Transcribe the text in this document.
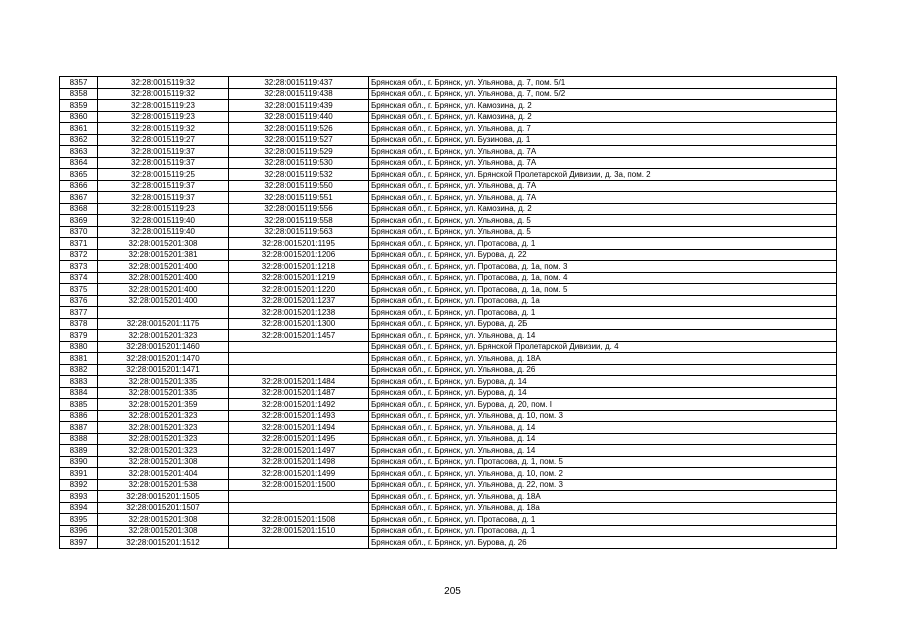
8357	32:28:0015119:32	32:28:0015119:437	Брянская обл., г. Брянск, ул. Ульянова, д. 7, пом. 5/1
8358	32:28:0015119:32	32:28:0015119:438	Брянская обл., г. Брянск, ул. Ульянова, д. 7, пом. 5/2
8359	32:28:0015119:23	32:28:0015119:439	Брянская обл., г. Брянск, ул. Камозина, д. 2
8360	32:28:0015119:23	32:28:0015119:440	Брянская обл., г. Брянск, ул. Камозина, д. 2
8361	32:28:0015119:32	32:28:0015119:526	Брянская обл., г. Брянск, ул. Ульянова, д. 7
8362	32:28:0015119:27	32:28:0015119:527	Брянская обл., г. Брянск, ул. Бузинова, д. 1
8363	32:28:0015119:37	32:28:0015119:529	Брянская обл., г. Брянск, ул. Ульянова, д. 7А
8364	32:28:0015119:37	32:28:0015119:530	Брянская обл., г. Брянск, ул. Ульянова, д. 7А
8365	32:28:0015119:25	32:28:0015119:532	Брянская обл., г. Брянск, ул. Брянской Пролетарской Дивизии, д. 3а, пом. 2
8366	32:28:0015119:37	32:28:0015119:550	Брянская обл., г. Брянск, ул. Ульянова, д. 7А
8367	32:28:0015119:37	32:28:0015119:551	Брянская обл., г. Брянск, ул. Ульянова, д. 7А
8368	32:28:0015119:23	32:28:0015119:556	Брянская обл., г. Брянск, ул. Камозина, д. 2
8369	32:28:0015119:40	32:28:0015119:558	Брянская обл., г. Брянск, ул. Ульянова, д. 5
8370	32:28:0015119:40	32:28:0015119:563	Брянская обл., г. Брянск, ул. Ульянова, д. 5
8371	32:28:0015201:308	32:28:0015201:1195	Брянская обл., г. Брянск, ул. Протасова, д. 1
8372	32:28:0015201:381	32:28:0015201:1206	Брянская обл., г. Брянск, ул. Бурова, д. 22
8373	32:28:0015201:400	32:28:0015201:1218	Брянская обл., г. Брянск, ул. Протасова, д. 1а, пом. 3
8374	32:28:0015201:400	32:28:0015201:1219	Брянская обл., г. Брянск, ул. Протасова, д. 1а, пом. 4
8375	32:28:0015201:400	32:28:0015201:1220	Брянская обл., г. Брянск, ул. Протасова, д. 1а, пом. 5
8376	32:28:0015201:400	32:28:0015201:1237	Брянская обл., г. Брянск, ул. Протасова, д. 1а
8377		32:28:0015201:1238	Брянская обл., г. Брянск, ул. Протасова, д. 1
8378	32:28:0015201:1175	32:28:0015201:1300	Брянская обл., г. Брянск, ул. Бурова, д. 2Б
8379	32:28:0015201:323	32:28:0015201:1457	Брянская обл., г. Брянск, ул. Ульянова, д. 14
8380	32:28:0015201:1460		Брянская обл., г. Брянск, ул. Брянской Пролетарской Дивизии, д. 4
8381	32:28:0015201:1470		Брянская обл., г. Брянск, ул. Ульянова, д. 18А
8382	32:28:0015201:1471		Брянская обл., г. Брянск, ул. Ульянова, д. 26
8383	32:28:0015201:335	32:28:0015201:1484	Брянская обл., г. Брянск, ул. Бурова, д. 14
8384	32:28:0015201:335	32:28:0015201:1487	Брянская обл., г. Брянск, ул. Бурова, д. 14
8385	32:28:0015201:359	32:28:0015201:1492	Брянская обл., г. Брянск, ул. Бурова, д. 20, пом. I
8386	32:28:0015201:323	32:28:0015201:1493	Брянская обл., г. Брянск, ул. Ульянова, д. 10, пом. 3
8387	32:28:0015201:323	32:28:0015201:1494	Брянская обл., г. Брянск, ул. Ульянова, д. 14
8388	32:28:0015201:323	32:28:0015201:1495	Брянская обл., г. Брянск, ул. Ульянова, д. 14
8389	32:28:0015201:323	32:28:0015201:1497	Брянская обл., г. Брянск, ул. Ульянова, д. 14
8390	32:28:0015201:308	32:28:0015201:1498	Брянская обл., г. Брянск, ул. Протасова, д. 1, пом. 5
8391	32:28:0015201:404	32:28:0015201:1499	Брянская обл., г. Брянск, ул. Ульянова, д. 10, пом. 2
8392	32:28:0015201:538	32:28:0015201:1500	Брянская обл., г. Брянск, ул. Ульянова, д. 22, пом. 3
8393	32:28:0015201:1505		Брянская обл., г. Брянск, ул. Ульянова, д. 18А
8394	32:28:0015201:1507		Брянская обл., г. Брянск, ул. Ульянова, д. 18а
8395	32:28:0015201:308	32:28:0015201:1508	Брянская обл., г. Брянск, ул. Протасова, д. 1
8396	32:28:0015201:308	32:28:0015201:1510	Брянская обл., г. Брянск, ул. Протасова, д. 1
8397	32:28:0015201:1512		Брянская обл., г. Брянск, ул. Бурова, д. 26
205
